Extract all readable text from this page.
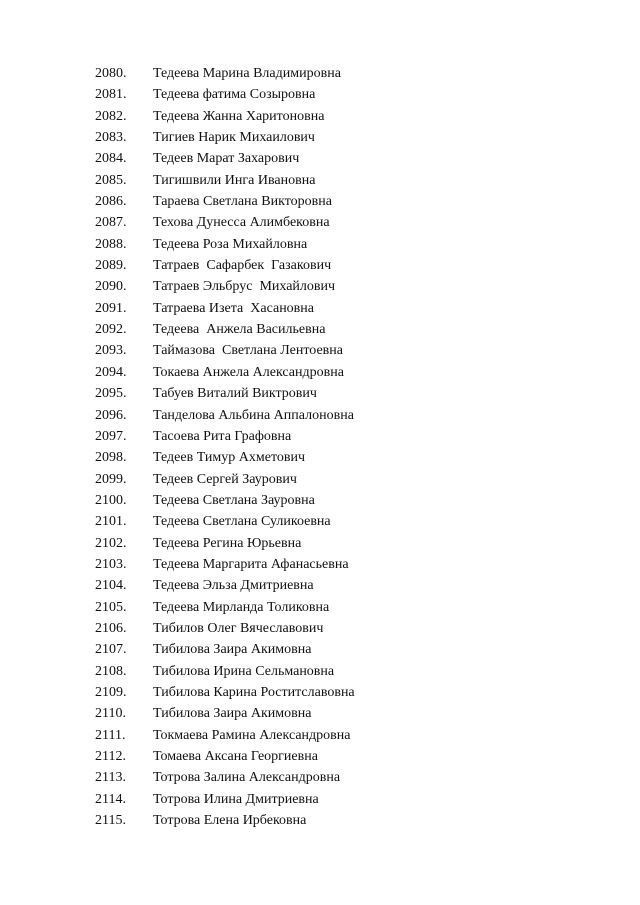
2080. Тедеева Марина Владимировна
2081. Тедеева фатима Созыровна
2082. Тедеева Жанна Харитоновна
2083. Тигиев Нарик Михаилович
2084. Тедеев Марат Захарович
2085. Тигишвили Инга Ивановна
2086. Тараева Светлана Викторовна
2087. Техова Дунесса Алимбековна
2088. Тедеева Роза Михайловна
2089. Татраев  Сафарбек  Газакович
2090. Татраев Эльбрус  Михайлович
2091. Татраева Изета  Хасановна
2092. Тедеева  Анжела Васильевна
2093. Таймазова  Светлана Лентоевна
2094. Токаева Анжела Александровна
2095. Табуев Виталий Виктрович
2096. Танделова Альбина Аппалоновна
2097. Тасоева Рита Графовна
2098. Тедеев Тимур Ахметович
2099. Тедеев Сергей Заурович
2100. Тедеева Светлана Зауровна
2101. Тедеева Светлана Суликоевна
2102. Тедеева Регина Юрьевна
2103. Тедеева Маргарита Афанасьевна
2104. Тедеева Эльза Дмитриевна
2105. Тедеева Мирланда Толиковна
2106. Тибилов Олег Вячеславович
2107. Тибилова Заира Акимовна
2108. Тибилова Ирина Сельмановна
2109. Тибилова Карина Роститславовна
2110. Тибилова Заира Акимовна
2111. Токмаева Рамина Александровна
2112. Томаева Аксана Георгиевна
2113. Тотрова Залина Александровна
2114. Тотрова Илина Дмитриевна
2115. Тотрова Елена Ирбековна
